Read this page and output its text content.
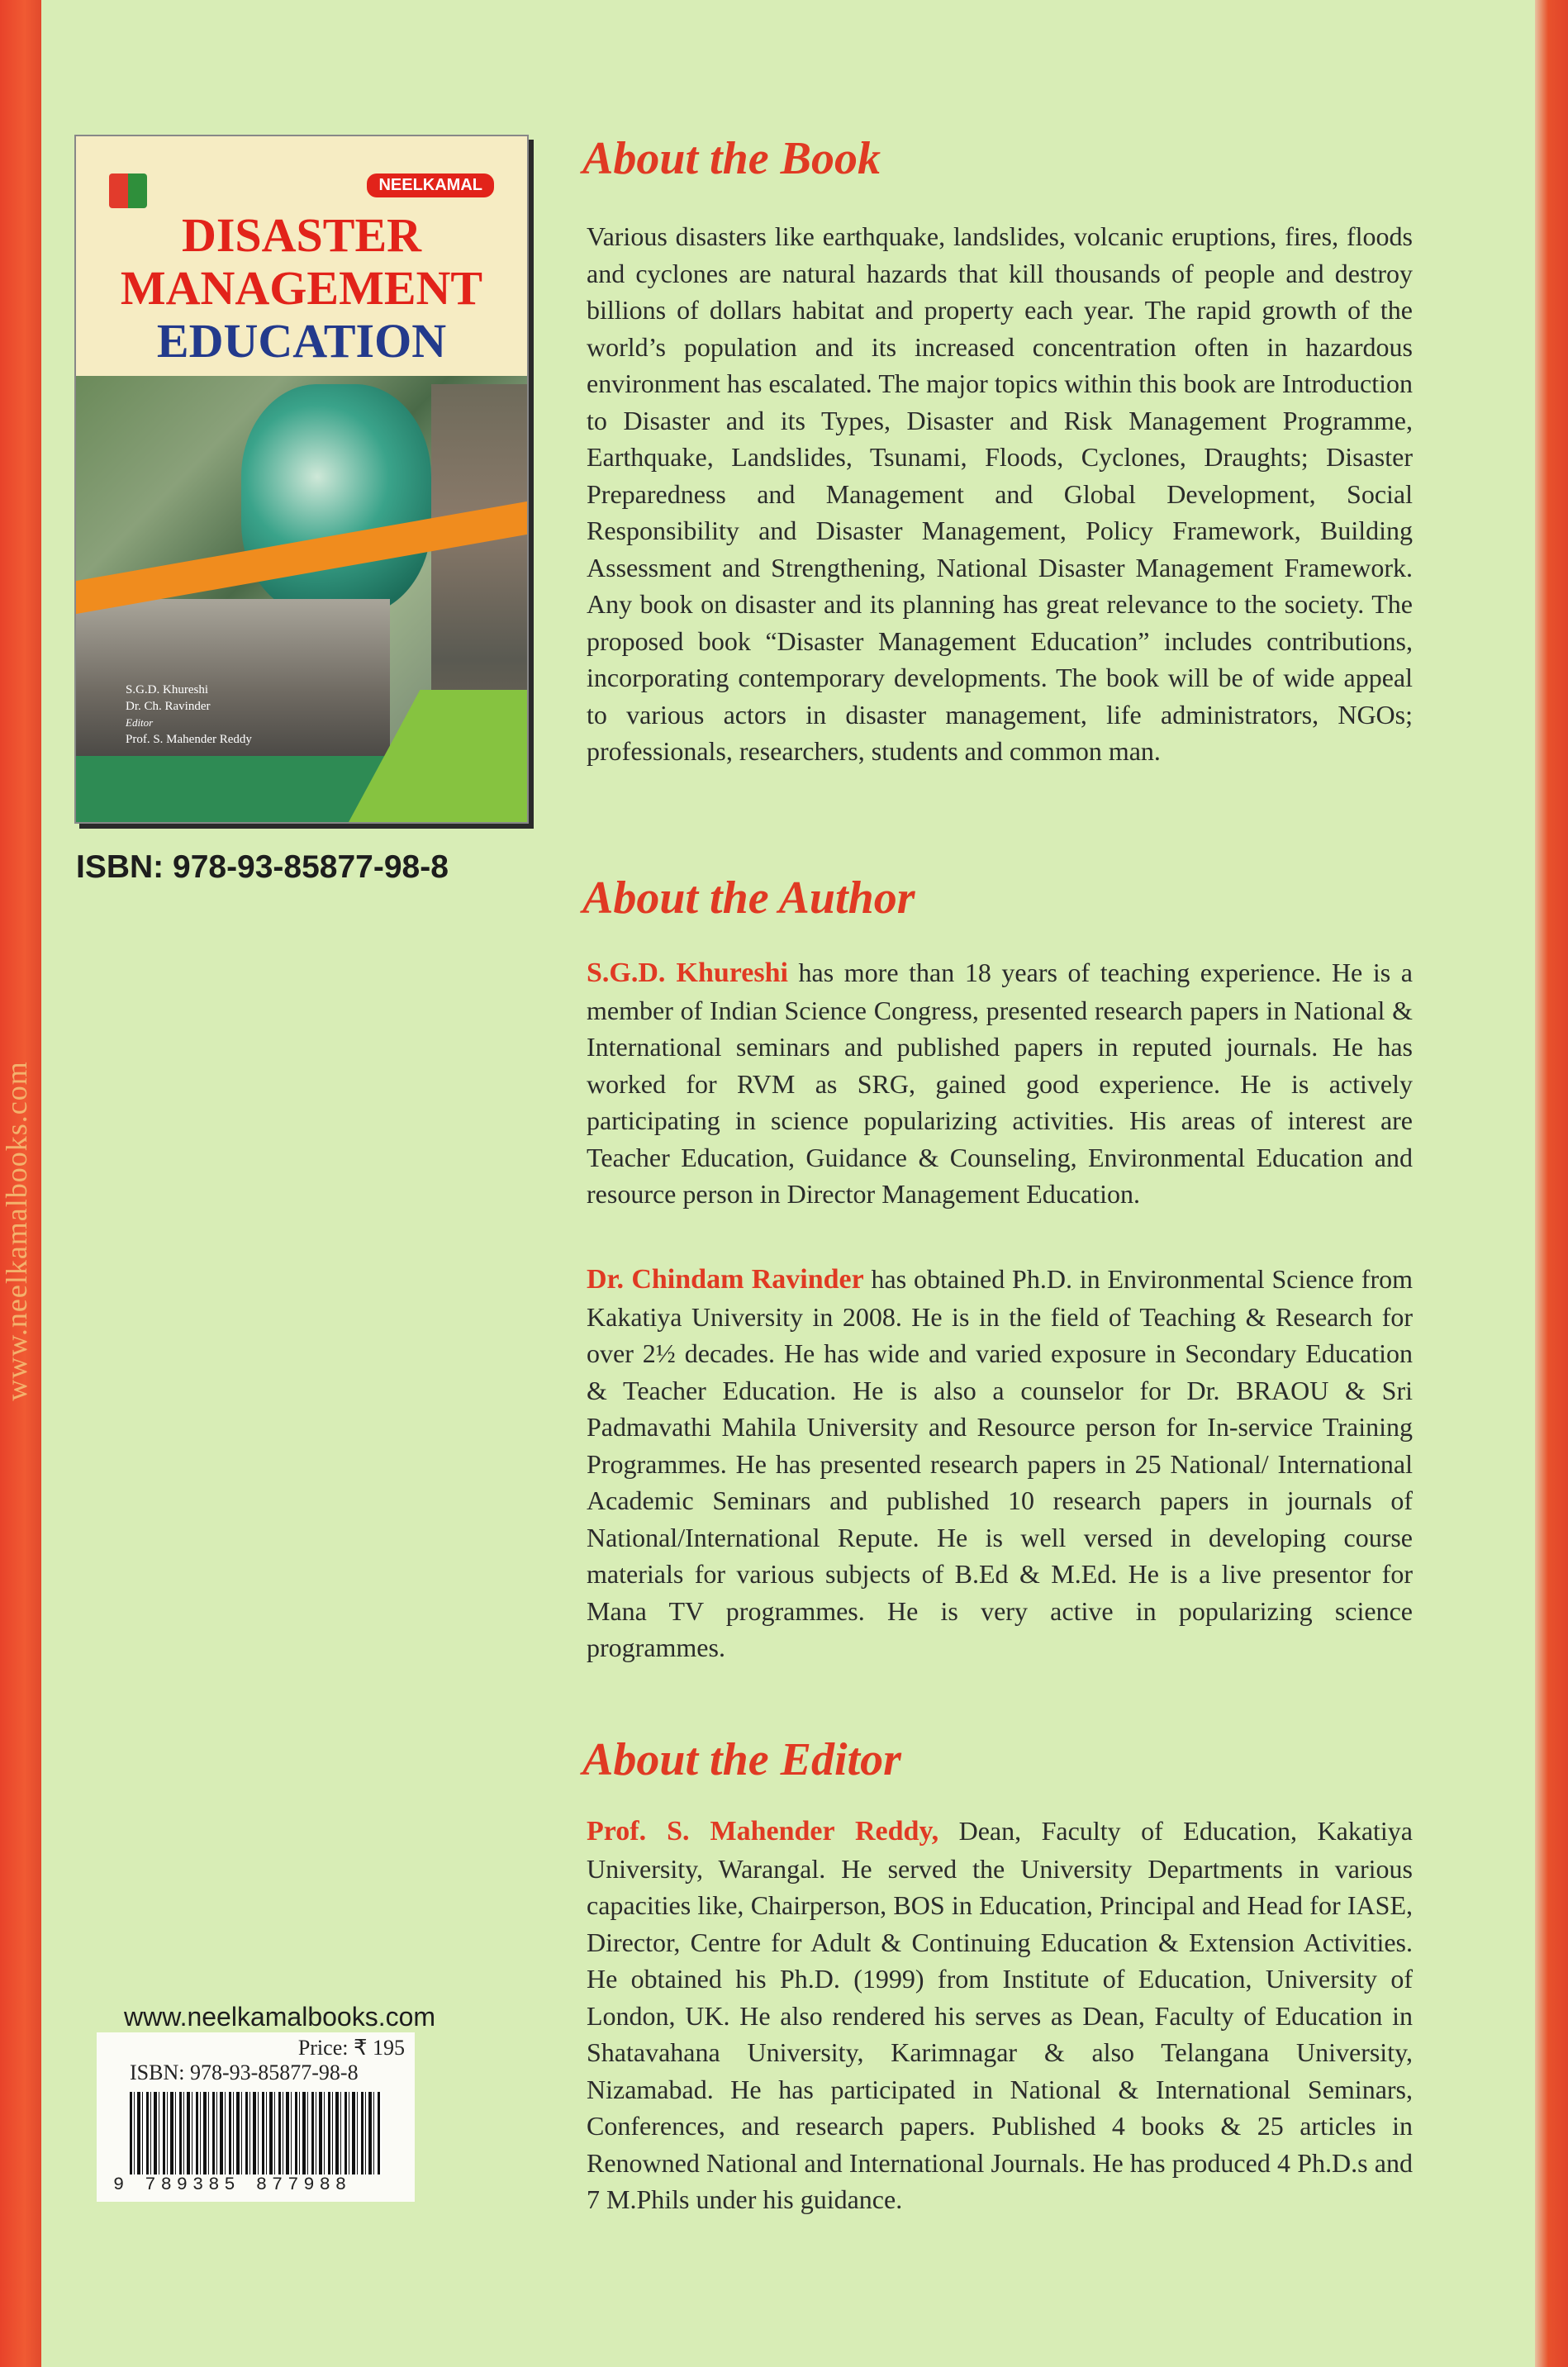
www.neelkamalbooks.com
NEELKAMAL
DISASTER
MANAGEMENT
EDUCATION
S.G.D. Khureshi
Dr. Ch. Ravinder
Editor
Prof. S. Mahender Reddy
ISBN: 978-93-85877-98-8
About the Book
Various disasters like earthquake, landslides, volcanic eruptions, fires, floods and cyclones are natural hazards that kill thousands of people and destroy billions of dollars habitat and property each year. The rapid growth of the world’s population and its increased concentration often in hazardous environment has escalated. The major topics within this book are Introduction to Disaster and its Types, Disaster and Risk Management Programme, Earthquake, Landslides, Tsunami, Floods, Cyclones, Draughts; Disaster Preparedness and Management and Global Development, Social Responsibility and Disaster Management, Policy Framework, Building Assessment and Strengthening, National Disaster Management Framework. Any book on disaster and its planning has great relevance to the society. The proposed book “Disaster Management Education” includes contributions, incorporating contemporary developments. The book will be of wide appeal to various actors in disaster management, life administrators, NGOs; professionals, researchers, students and common man.
About the Author
S.G.D. Khureshi has more than 18 years of teaching experience. He is a member of Indian Science Congress, presented research papers in National & International seminars and published papers in reputed journals. He has worked for RVM as SRG, gained good experience. He is actively participating in science popularizing activities. His areas of interest are Teacher Education, Guidance & Counseling, Environmental Education and resource person in Director Management Education.
Dr. Chindam Ravinder has obtained Ph.D. in Environmental Science from Kakatiya University in 2008. He is in the field of Teaching & Research for over 2½ decades. He has wide and varied exposure in Secondary Education & Teacher Education. He is also a counselor for Dr. BRAOU & Sri Padmavathi Mahila University and Resource person for In-service Training Programmes. He has presented research papers in 25 National/ International Academic Seminars and published 10 research papers in journals of National/International Repute. He is well versed in developing course materials for various subjects of B.Ed & M.Ed. He is a live presentor for Mana TV programmes. He is very active in popularizing science programmes.
About the Editor
Prof. S. Mahender Reddy, Dean, Faculty of Education, Kakatiya University, Warangal. He served the University Departments in various capacities like, Chairperson, BOS in Education, Principal and Head for IASE, Director, Centre for Adult & Continuing Education & Extension Activities. He obtained his Ph.D. (1999) from Institute of Education, University of London, UK. He also rendered his serves as Dean, Faculty of Education in Shatavahana University, Karimnagar & also Telangana University, Nizamabad. He has participated in National & International Seminars, Conferences, and research papers. Published 4 books & 25 articles in Renowned National and International Journals. He has produced 4 Ph.D.s and 7 M.Phils under his guidance.
www.neelkamalbooks.com
Price: ₹ 195
ISBN: 978-93-85877-98-8
9 789385 877988
